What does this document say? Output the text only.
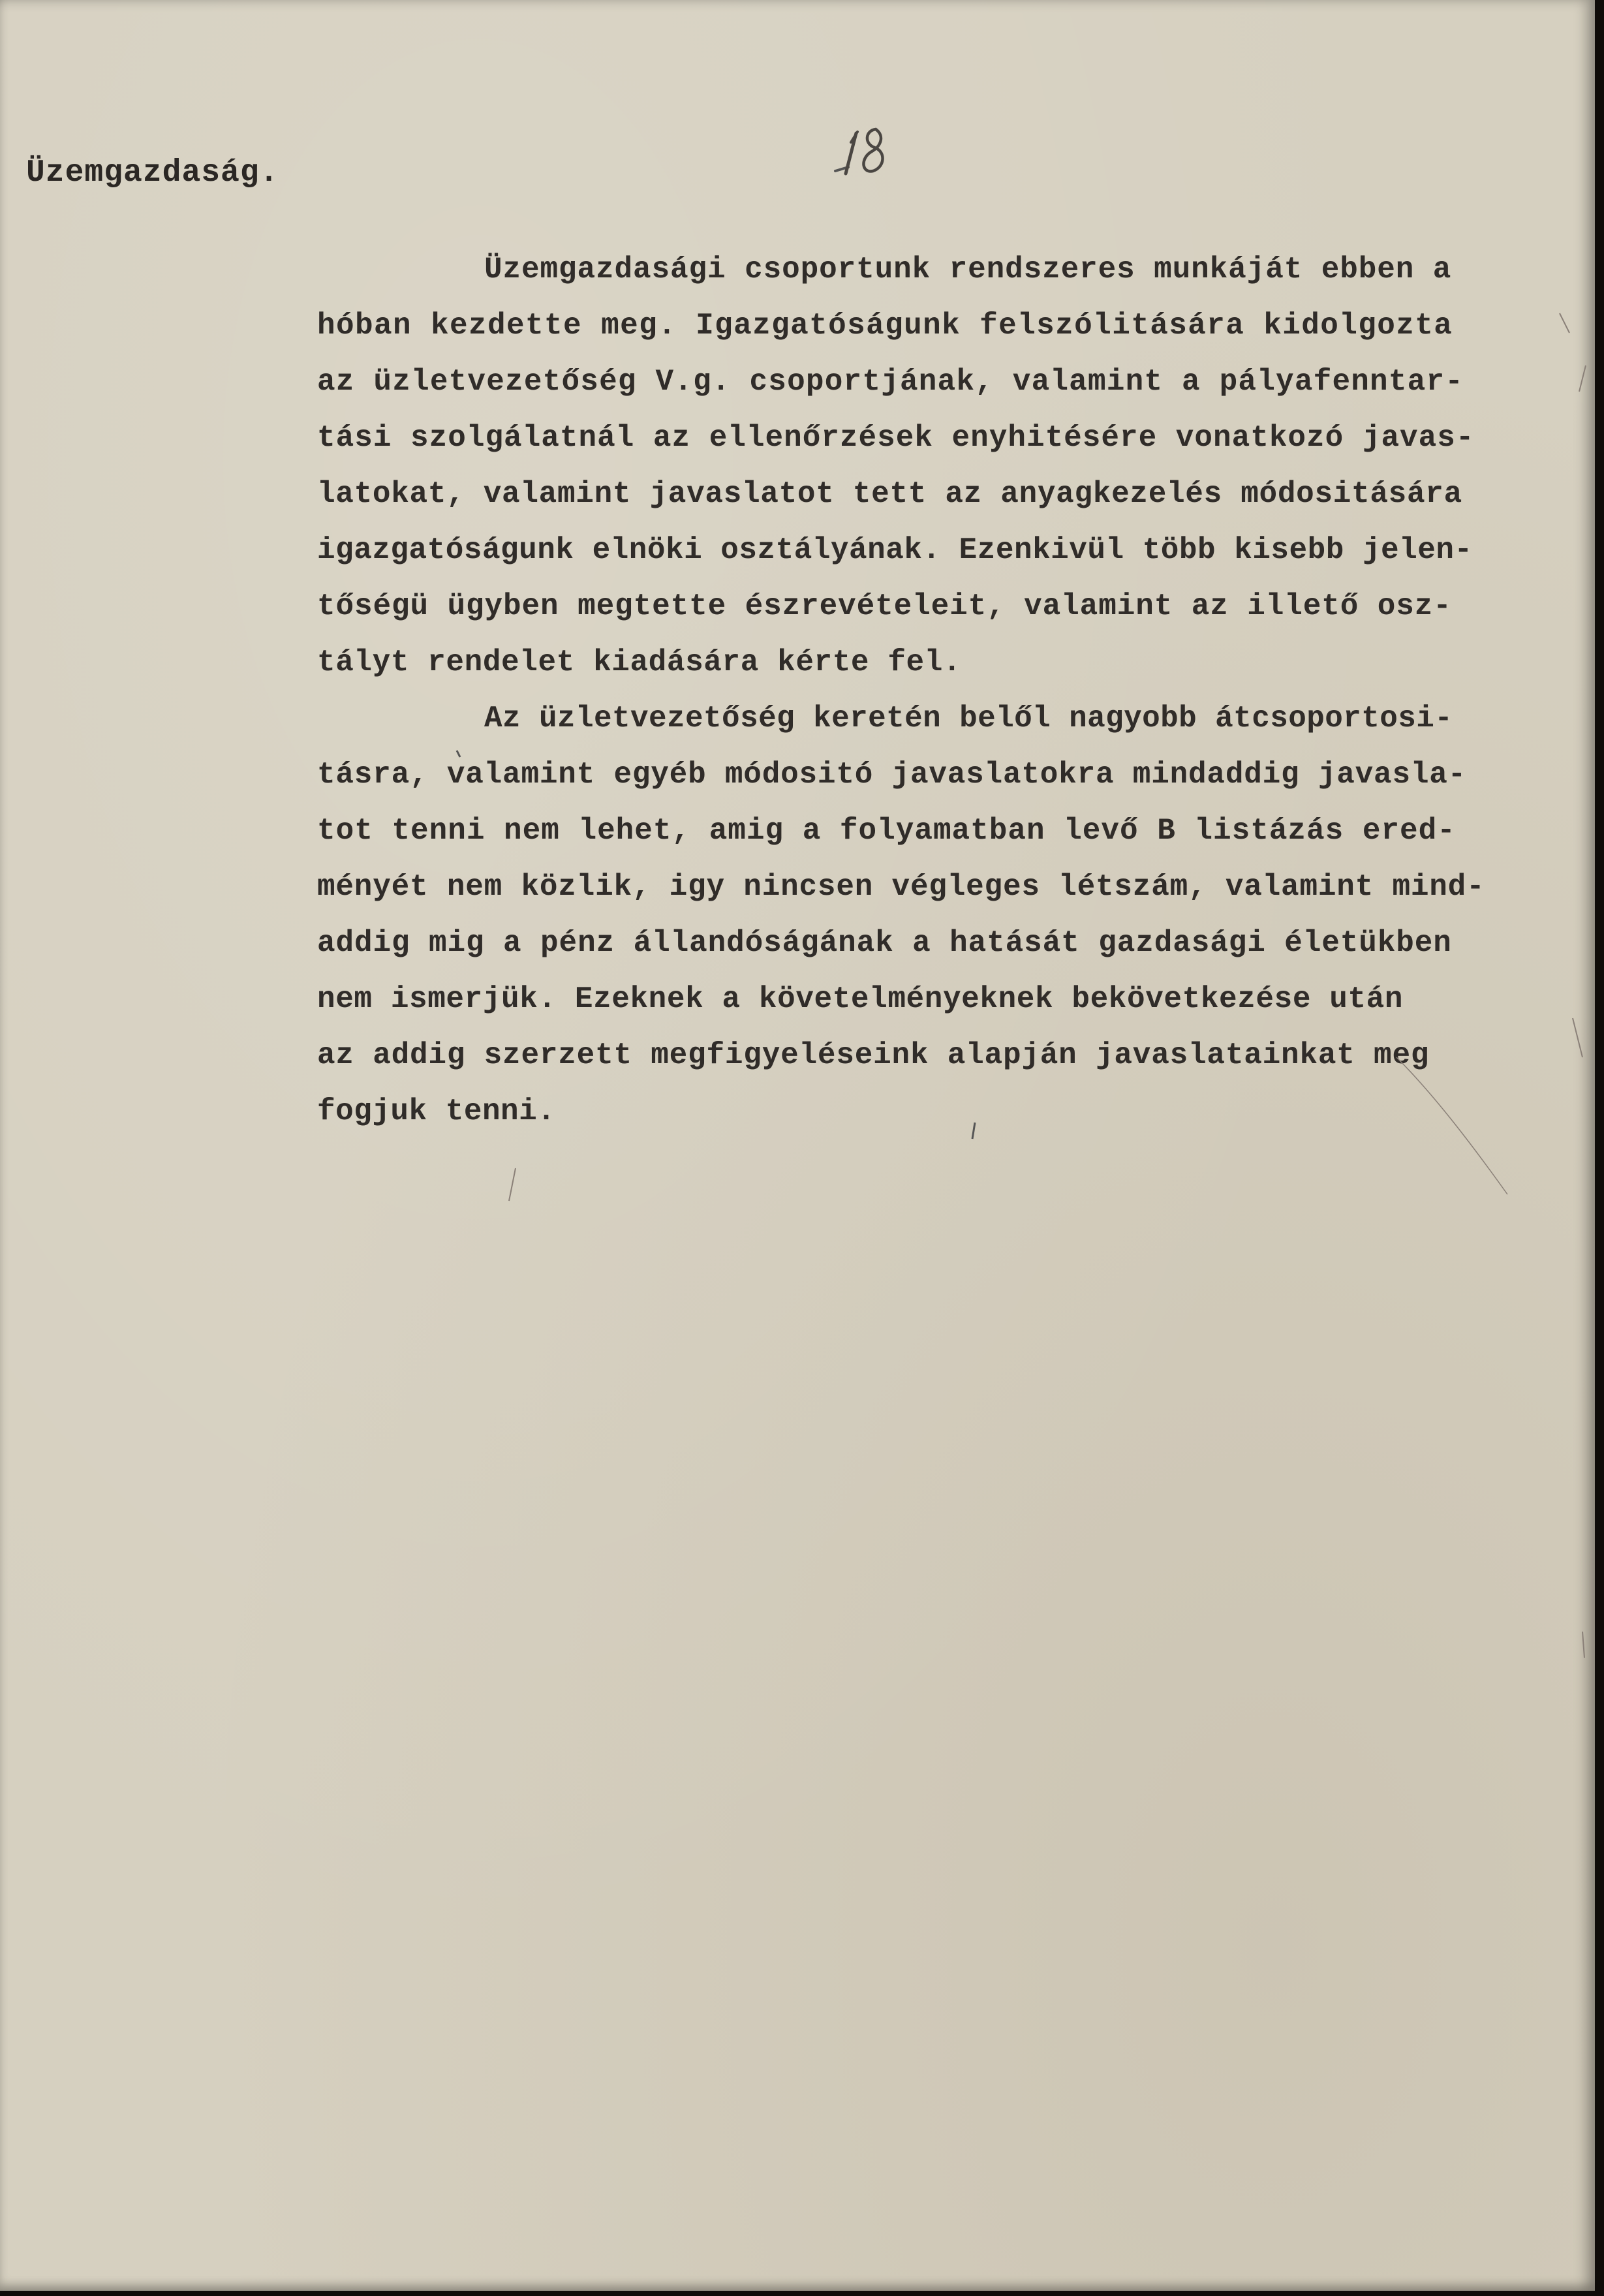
Üzemgazdaság.
Üzemgazdasági csoportunk rendszeres munkáját ebben a
hóban kezdette meg. Igazgatóságunk felszólitására kidolgozta
az üzletvezetőség V.g. csoportjának, valamint a pályafenntar-
tási szolgálatnál az ellenőrzések enyhitésére vonatkozó javas-
latokat, valamint javaslatot tett az anyagkezelés módositására
igazgatóságunk elnöki osztályának. Ezenkivül több kisebb jelen-
tőségü ügyben megtette észrevételeit, valamint az illető osz-
tályt rendelet kiadására kérte fel.
Az üzletvezetőség keretén belől nagyobb átcsoportosi-
tásra, valamint egyéb módositó javaslatokra mindaddig javasla-
tot tenni nem lehet, amig a folyamatban levő B listázás ered-
ményét nem közlik, igy nincsen végleges létszám, valamint mind-
addig mig a pénz állandóságának a hatását gazdasági életükben
nem ismerjük. Ezeknek a követelményeknek bekövetkezése után
az addig szerzett megfigyeléseink alapján javaslatainkat meg
fogjuk tenni.
